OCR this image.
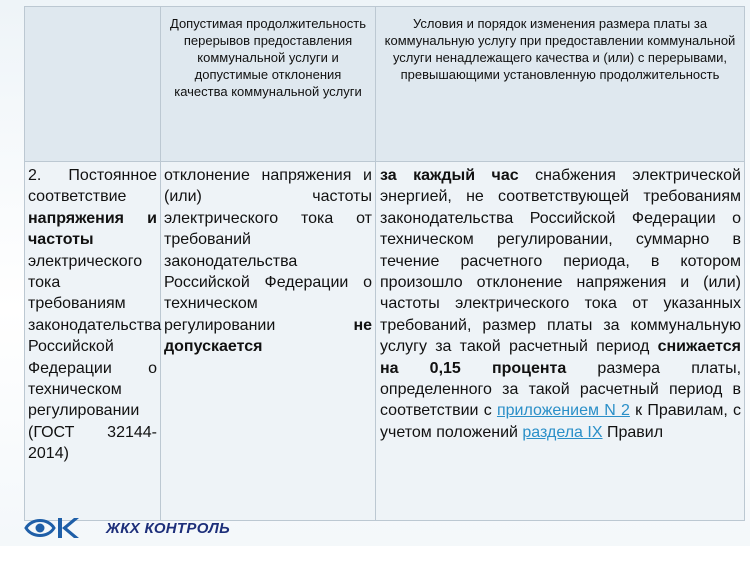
	Допустимая продолжительность перерывов предоставления коммунальной услуги и допустимые отклонения качества коммунальной услуги	Условия и порядок изменения размера платы за коммунальную услугу при предоставлении коммунальной услуги ненадлежащего качества и (или) с перерывами, превышающими установленную продолжительность
2. Постоянное соответствие напряжения и частоты электрического тока требованиям законодательства Российской Федерации о техническом регулировании (ГОСТ 32144-2014)	отклонение напряжения и (или) частоты электрического тока от требований законодательства Российской Федерации о техническом регулировании не допускается	за каждый час снабжения электрической энергией, не соответствующей требованиям законодательства Российской Федерации о техническом регулировании, суммарно в течение расчетного периода, в котором произошло отклонение напряжения и (или) частоты электрического тока от указанных требований, размер платы за коммунальную услугу за такой расчетный период снижается на 0,15 процента размера платы, определенного за такой расчетный период в соответствии с приложением N 2 к Правилам, с учетом положений раздела IX Правил
ЖКХ КОНТРОЛЬ
